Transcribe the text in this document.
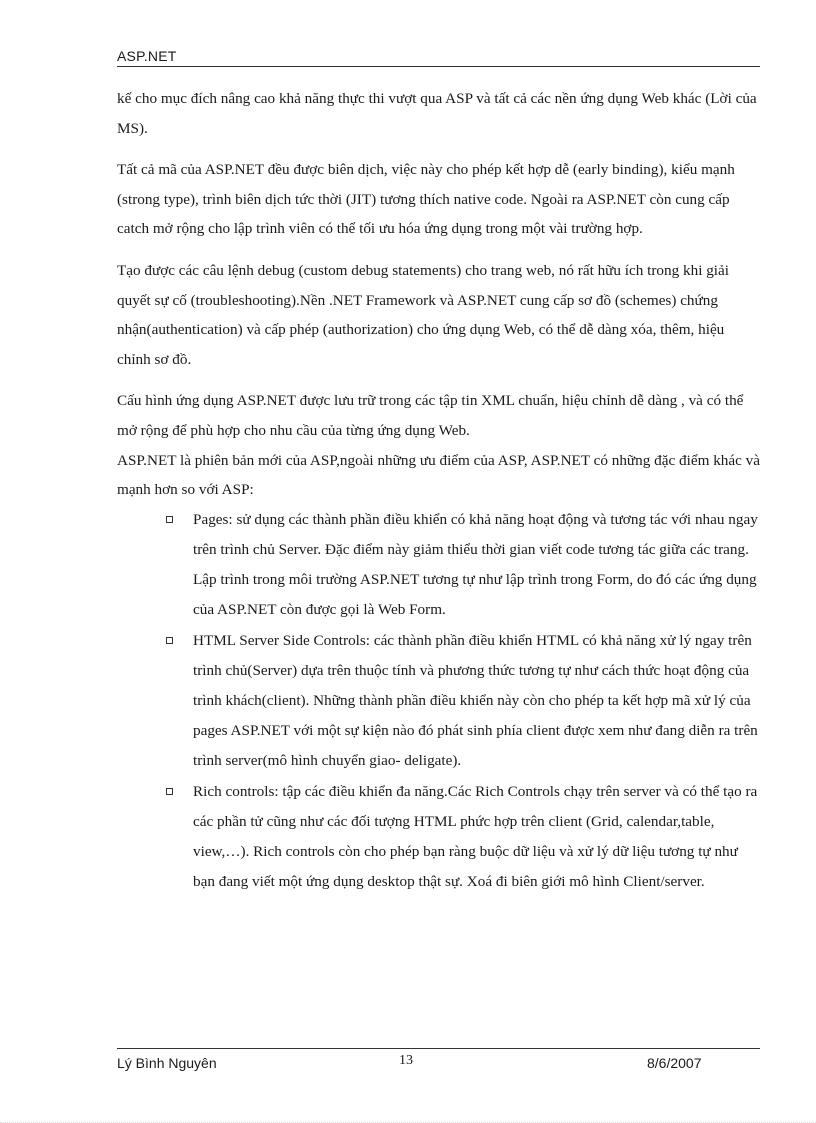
ASP.NET

kế cho mục đích nâng cao khả năng thực thi vượt qua ASP và tất cả các nền ứng dụng Web khác (Lời của MS).

Tất cả mã của ASP.NET đều được biên dịch, việc này cho phép kết hợp dễ (early binding), kiểu mạnh (strong type), trình biên dịch tức thời (JIT) tương thích native code. Ngoài ra ASP.NET còn cung cấp catch mở rộng cho lập trình viên có thể tối ưu hóa ứng dụng trong một vài trường hợp.

Tạo được các câu lệnh debug (custom debug statements) cho trang web, nó rất hữu ích trong khi giải quyết sự cố (troubleshooting).Nền .NET Framework và ASP.NET cung cấp sơ đồ (schemes) chứng nhận(authentication) và cấp phép (authorization) cho ứng dụng Web, có thể dễ dàng xóa, thêm, hiệu chỉnh sơ đồ.

Cấu hình ứng dụng ASP.NET được lưu trữ trong các tập tin XML chuẩn, hiệu chỉnh dễ dàng , và có thể mở rộng để phù hợp cho nhu cầu của từng ứng dụng Web.

ASP.NET là phiên bản mới của ASP,ngoài những ưu điểm của ASP, ASP.NET có những đặc điểm khác và mạnh hơn so với ASP:

Pages: sử dụng các thành phần điều khiển có khả năng hoạt động và tương tác với nhau ngay trên trình chủ Server. Đặc điểm này giảm thiểu thời gian viết code tương tác giữa các trang. Lập trình trong môi trường ASP.NET tương tự như lập trình trong Form, do đó các ứng dụng của ASP.NET còn được gọi là Web Form.
HTML Server Side Controls: các thành phần điều khiển HTML có khả năng xử lý ngay trên trình chủ(Server) dựa trên thuộc tính và phương thức tương tự như cách thức hoạt động của trình khách(client). Những thành phần điều khiển này còn cho phép ta kết hợp mã xử lý của pages ASP.NET với một sự kiện nào đó phát sinh phía client được xem như đang diễn ra trên trình server(mô hình chuyển giao- deligate).
Rich controls: tập các điều khiển đa năng.Các Rich Controls chạy trên server và có thể tạo ra các phần tử cũng như các đối tượng HTML phức hợp trên client (Grid, calendar,table, view,…). Rich controls còn cho phép bạn ràng buộc dữ liệu và xử lý dữ liệu tương tự như bạn đang viết một ứng dụng desktop thật sự. Xoá đi biên giới mô hình Client/server.
Lý Bình Nguyên	13	8/6/2007
